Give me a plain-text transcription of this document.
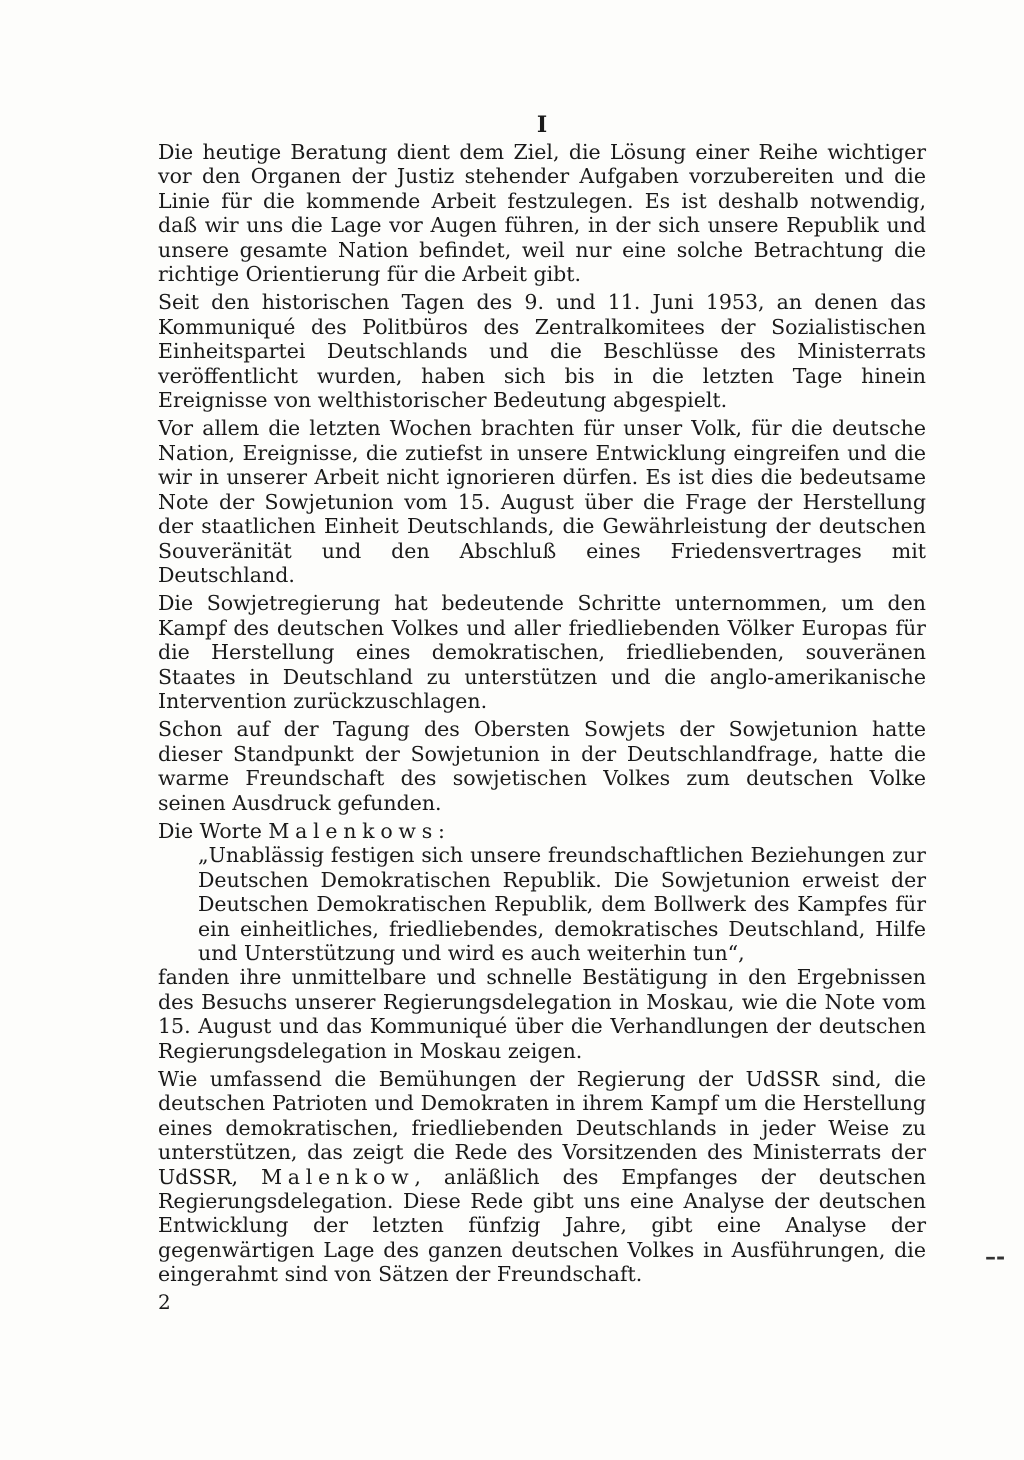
I

Die heutige Beratung dient dem Ziel, die Lösung einer Reihe wichtiger vor den Organen der Justiz stehender Aufgaben vorzubereiten und die Linie für die kommende Arbeit festzulegen. Es ist deshalb notwendig, daß wir uns die Lage vor Augen führen, in der sich unsere Republik und unsere gesamte Nation befindet, weil nur eine solche Betrachtung die richtige Orientierung für die Arbeit gibt.

Seit den historischen Tagen des 9. und 11. Juni 1953, an denen das Kommuniqué des Politbüros des Zentralkomitees der Sozialistischen Einheitspartei Deutschlands und die Beschlüsse des Ministerrats veröffentlicht wurden, haben sich bis in die letzten Tage hinein Ereignisse von welthistorischer Bedeutung abgespielt.

Vor allem die letzten Wochen brachten für unser Volk, für die deutsche Nation, Ereignisse, die zutiefst in unsere Entwicklung eingreifen und die wir in unserer Arbeit nicht ignorieren dürfen. Es ist dies die bedeutsame Note der Sowjetunion vom 15. August über die Frage der Herstellung der staatlichen Einheit Deutschlands, die Gewährleistung der deutschen Souveränität und den Abschluß eines Friedensvertrages mit Deutschland.

Die Sowjetregierung hat bedeutende Schritte unternommen, um den Kampf des deutschen Volkes und aller friedliebenden Völker Europas für die Herstellung eines demokratischen, friedliebenden, souveränen Staates in Deutschland zu unterstützen und die anglo-amerikanische Intervention zurückzuschlagen.

Schon auf der Tagung des Obersten Sowjets der Sowjetunion hatte dieser Standpunkt der Sowjetunion in der Deutschlandfrage, hatte die warme Freundschaft des sowjetischen Volkes zum deutschen Volke seinen Ausdruck gefunden.

Die Worte Malenkows:

„Unablässig festigen sich unsere freundschaftlichen Beziehungen zur Deutschen Demokratischen Republik. Die Sowjetunion erweist der Deutschen Demokratischen Republik, dem Bollwerk des Kampfes für ein einheitliches, friedliebendes, demokratisches Deutschland, Hilfe und Unterstützung und wird es auch weiterhin tun“,

fanden ihre unmittelbare und schnelle Bestätigung in den Ergebnissen des Besuchs unserer Regierungsdelegation in Moskau, wie die Note vom 15. August und das Kommuniqué über die Verhandlungen der deutschen Regierungsdelegation in Moskau zeigen.

Wie umfassend die Bemühungen der Regierung der UdSSR sind, die deutschen Patrioten und Demokraten in ihrem Kampf um die Herstellung eines demokratischen, friedliebenden Deutschlands in jeder Weise zu unterstützen, das zeigt die Rede des Vorsitzenden des Ministerrats der UdSSR, Malenkow, anläßlich des Empfanges der deutschen Regierungsdelegation. Diese Rede gibt uns eine Analyse der deutschen Entwicklung der letzten fünfzig Jahre, gibt eine Analyse der gegenwärtigen Lage des ganzen deutschen Volkes in Ausführungen, die eingerahmt sind von Sätzen der Freundschaft.

–-
2
